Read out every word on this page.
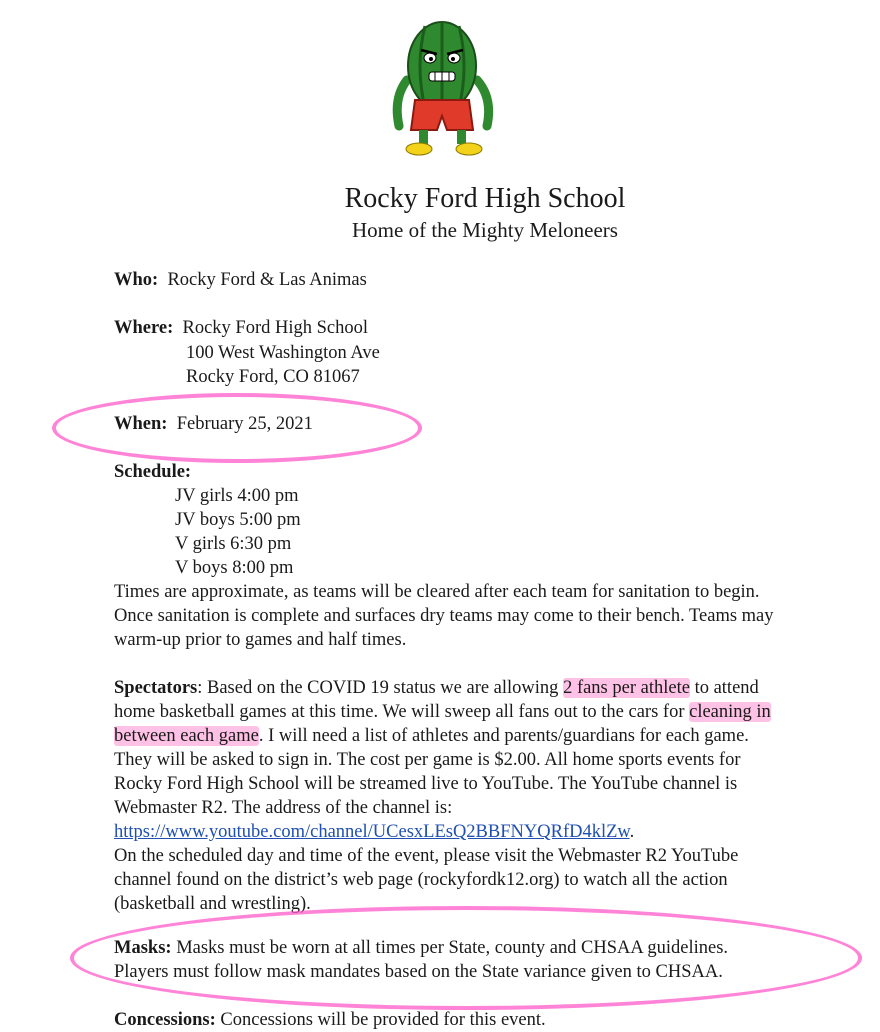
Rocky Ford High School
Home of the Mighty Meloneers
Who: Rocky Ford & Las Animas
Where: Rocky Ford High School
100 West Washington Ave
Rocky Ford, CO 81067
When: February 25, 2021
Schedule:
JV girls 4:00 pm
JV boys 5:00 pm
V girls 6:30 pm
V boys 8:00 pm
Times are approximate, as teams will be cleared after each team for sanitation to begin.
Once sanitation is complete and surfaces dry teams may come to their bench. Teams may
warm-up prior to games and half times.
Spectators: Based on the COVID 19 status we are allowing 2 fans per athlete to attend
home basketball games at this time. We will sweep all fans out to the cars for cleaning in
between each game. I will need a list of athletes and parents/guardians for each game.
They will be asked to sign in. The cost per game is $2.00. All home sports events for
Rocky Ford High School will be streamed live to YouTube. The YouTube channel is
Webmaster R2. The address of the channel is:
https://www.youtube.com/channel/UCesxLEsQ2BBFNYQRfD4klZw.
On the scheduled day and time of the event, please visit the Webmaster R2 YouTube
channel found on the district’s web page (rockyfordk12.org) to watch all the action
(basketball and wrestling).
Masks: Masks must be worn at all times per State, county and CHSAA guidelines.
Players must follow mask mandates based on the State variance given to CHSAA.
Concessions: Concessions will be provided for this event.
